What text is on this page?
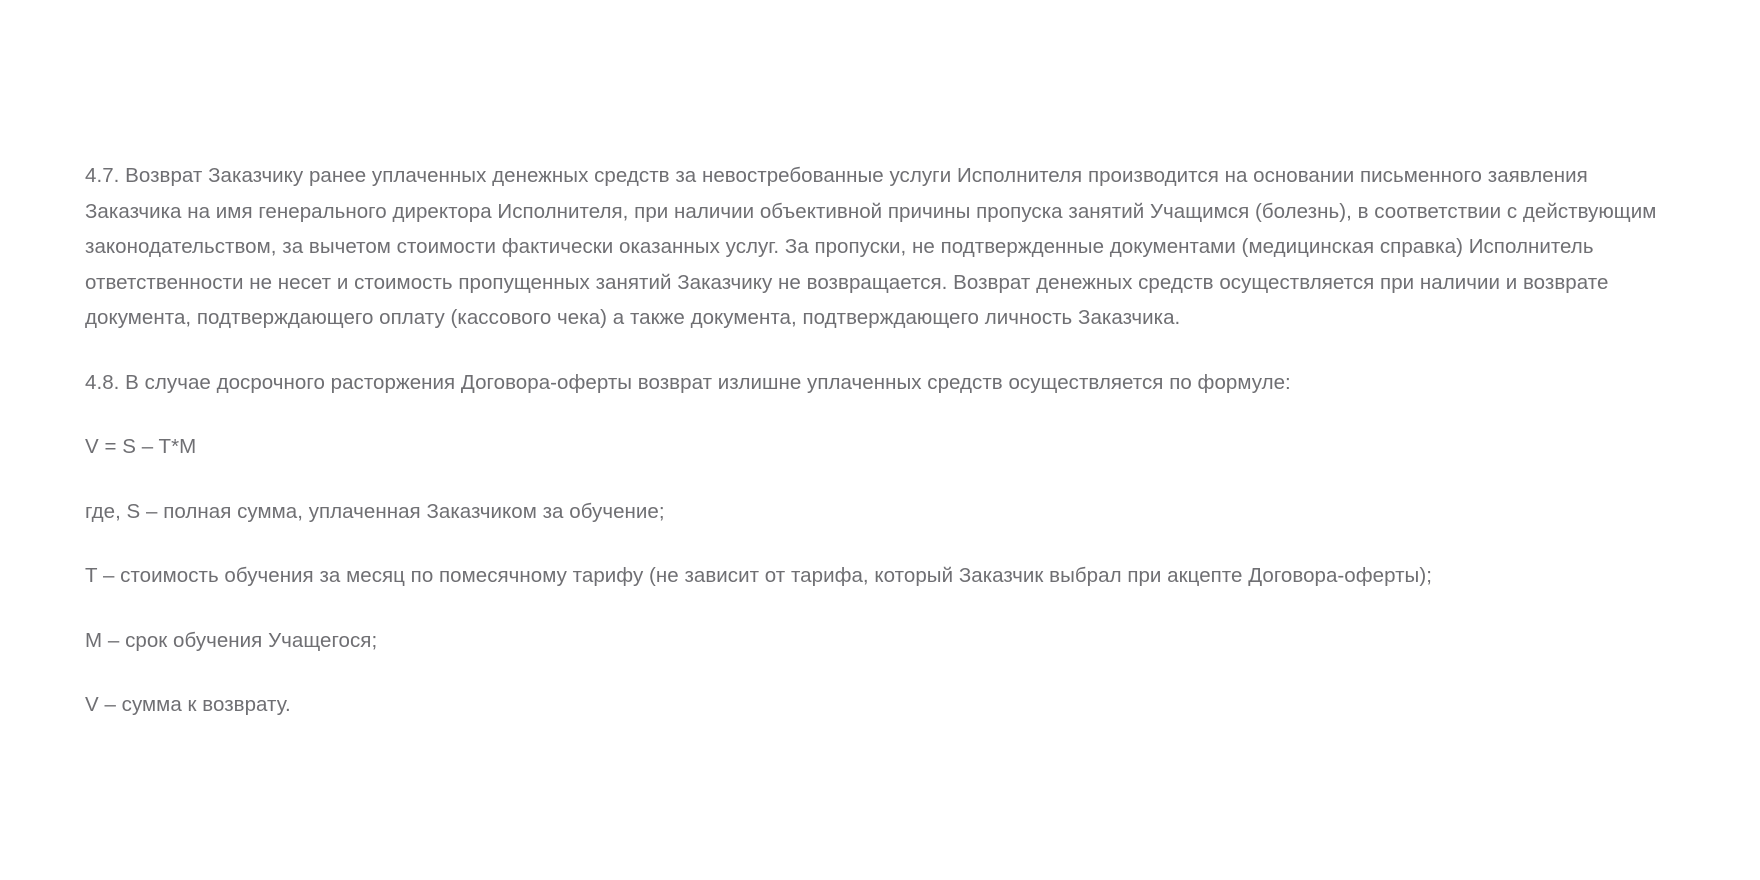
4.7. Возврат Заказчику ранее уплаченных денежных средств за невостребованные услуги Исполнителя производится на основании письменного заявления Заказчика на имя генерального директора Исполнителя, при наличии объективной причины пропуска занятий Учащимся (болезнь), в соответствии с действующим законодательством, за вычетом стоимости фактически оказанных услуг. За пропуски, не подтвержденные документами (медицинская справка) Исполнитель ответственности не несет и стоимость пропущенных занятий Заказчику не возвращается. Возврат денежных средств осуществляется при наличии и возврате документа, подтверждающего оплату (кассового чека) а также документа, подтверждающего личность Заказчика.

4.8. В случае досрочного расторжения Договора-оферты возврат излишне уплаченных средств осуществляется по формуле:

V = S – T*M

где, S – полная сумма, уплаченная Заказчиком за обучение;

T – стоимость обучения за месяц по помесячному тарифу (не зависит от тарифа, который Заказчик выбрал при акцепте Договора-оферты);

M – срок обучения Учащегося;

V – сумма к возврату.
